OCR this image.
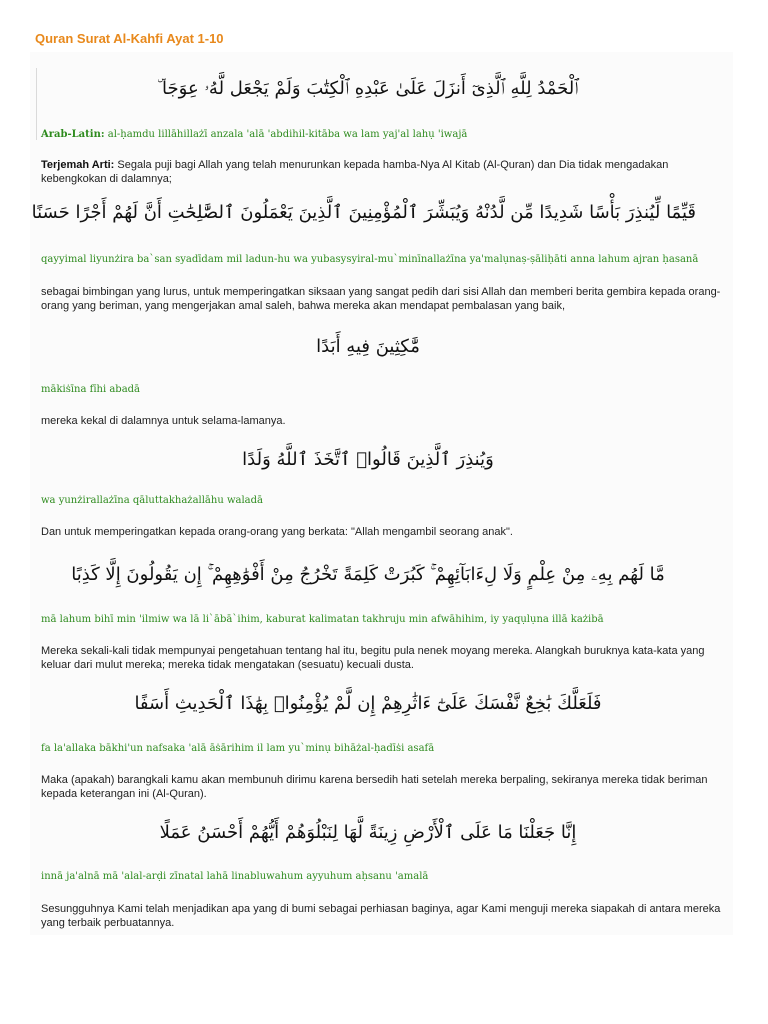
Quran Surat Al-Kahfi Ayat 1-10

ٱلْحَمْدُ لِلَّهِ ٱلَّذِىٓ أَنزَلَ عَلَىٰ عَبْدِهِ ٱلْكِتَٰبَ وَلَمْ يَجْعَل لَّهُۥ عِوَجَا ۜ

Arab-Latin: al-ḥamdu lillāhillażī anzala 'alā 'abdihil-kitāba wa lam yaj'al lahụ 'iwajā

Terjemah Arti: Segala puji bagi Allah yang telah menurunkan kepada hamba-Nya Al Kitab (Al-Quran) dan Dia tidak mengadakan kebengkokan di dalamnya;

قَيِّمًا لِّيُنذِرَ بَأْسًا شَدِيدًا مِّن لَّدُنْهُ وَيُبَشِّرَ ٱلْمُؤْمِنِينَ ٱلَّذِينَ يَعْمَلُونَ ٱلصَّٰلِحَٰتِ أَنَّ لَهُمْ أَجْرًا حَسَنًا

qayyimal liyunżira ba`san syadīdam mil ladun-hu wa yubasysyiral-mu`minīnallażīna ya'malụnaṣ-ṣāliḥāti anna lahum ajran ḥasanā

sebagai bimbingan yang lurus, untuk memperingatkan siksaan yang sangat pedih dari sisi Allah dan memberi berita gembira kepada orang-orang yang beriman, yang mengerjakan amal saleh, bahwa mereka akan mendapat pembalasan yang baik,

مَّٰكِثِينَ فِيهِ أَبَدًا

mākiṡīna fīhi abadā

mereka kekal di dalamnya untuk selama-lamanya.

وَيُنذِرَ ٱلَّذِينَ قَالُوا۟ ٱتَّخَذَ ٱللَّهُ وَلَدًا

wa yunżirallażīna qāluttakhażallāhu waladā

Dan untuk memperingatkan kepada orang-orang yang berkata: "Allah mengambil seorang anak".

مَّا لَهُم بِهِۦ مِنْ عِلْمٍ وَلَا لِءَابَآئِهِمْ ۚ كَبُرَتْ كَلِمَةً تَخْرُجُ مِنْ أَفْوَٰهِهِمْ ۚ إِن يَقُولُونَ إِلَّا كَذِبًا

mā lahum bihī min 'ilmiw wa lā li`ābā`ihim, kaburat kalimatan takhruju min afwāhihim, iy yaqụlụna illā każibā

Mereka sekali-kali tidak mempunyai pengetahuan tentang hal itu, begitu pula nenek moyang mereka. Alangkah buruknya kata-kata yang keluar dari mulut mereka; mereka tidak mengatakan (sesuatu) kecuali dusta.

فَلَعَلَّكَ بَٰخِعٌ نَّفْسَكَ عَلَىٰٓ ءَاثَٰرِهِمْ إِن لَّمْ يُؤْمِنُوا۟ بِهَٰذَا ٱلْحَدِيثِ أَسَفًا

fa la'allaka bākhi'un nafsaka 'alā āṡārihim il lam yu`minụ bihāżal-ḥadīṡi asafā

Maka (apakah) barangkali kamu akan membunuh dirimu karena bersedih hati setelah mereka berpaling, sekiranya mereka tidak beriman kepada keterangan ini (Al-Quran).

إِنَّا جَعَلْنَا مَا عَلَى ٱلْأَرْضِ زِينَةً لَّهَا لِنَبْلُوَهُمْ أَيُّهُمْ أَحْسَنُ عَمَلًا

innā ja'alnā mā 'alal-arḍi zīnatal lahā linabluwahum ayyuhum aḥsanu 'amalā

Sesungguhnya Kami telah menjadikan apa yang di bumi sebagai perhiasan baginya, agar Kami menguji mereka siapakah di antara mereka yang terbaik perbuatannya.
